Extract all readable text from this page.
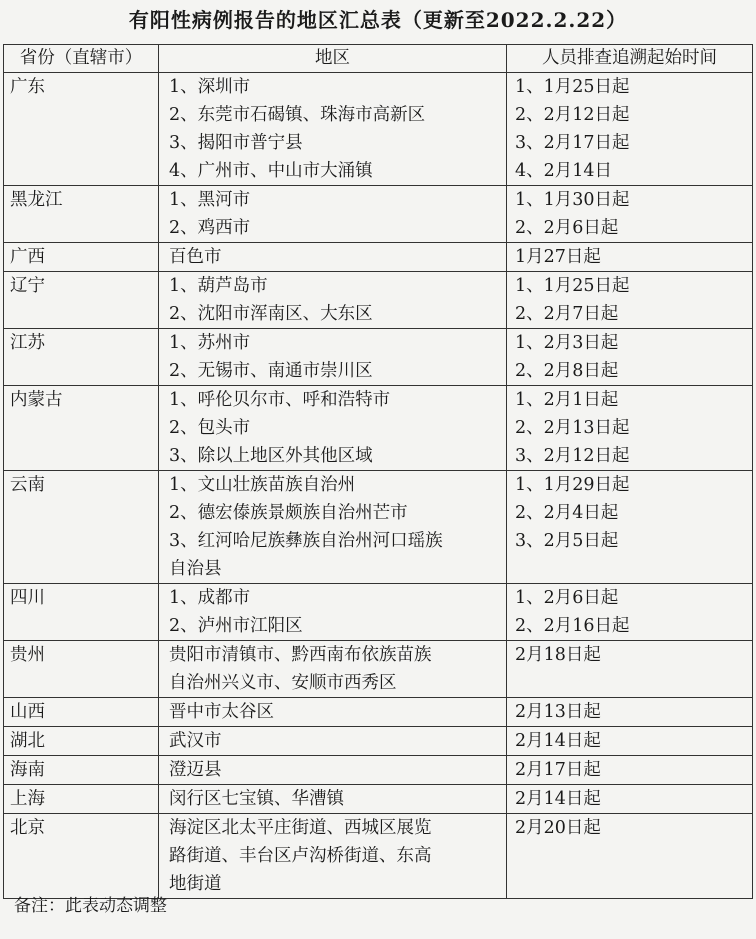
有阳性病例报告的地区汇总表（更新至2022.2.22）
省份（直辖市）	地区	人员排查追溯起始时间

广东	1、深圳市
2、东莞市石碣镇、珠海市高新区
3、揭阳市普宁县
4、广州市、中山市大涌镇	1、1月25日起
2、2月12日起
3、2月17日起
4、2月14日

黑龙江	1、黑河市
2、鸡西市	1、1月30日起
2、2月6日起

广西	百色市	1月27日起

辽宁	1、葫芦岛市
2、沈阳市浑南区、大东区	1、1月25日起
2、2月7日起

江苏	1、苏州市
2、无锡市、南通市崇川区	1、2月3日起
2、2月8日起

内蒙古	1、呼伦贝尔市、呼和浩特市
2、包头市
3、除以上地区外其他区域	1、2月1日起
2、2月13日起
3、2月12日起

云南	1、文山壮族苗族自治州
2、德宏傣族景颇族自治州芒市
3、红河哈尼族彝族自治州河口瑶族
自治县	1、1月29日起
2、2月4日起
3、2月5日起

四川	1、成都市
2、泸州市江阳区	1、2月6日起
2、2月16日起

贵州	贵阳市清镇市、黔西南布依族苗族
自治州兴义市、安顺市西秀区	2月18日起

山西	晋中市太谷区	2月13日起

湖北	武汉市	2月14日起

海南	澄迈县	2月17日起

上海	闵行区七宝镇、华漕镇	2月14日起

北京	海淀区北太平庄街道、西城区展览
路街道、丰台区卢沟桥街道、东高
地街道	2月20日起
备注：此表动态调整
